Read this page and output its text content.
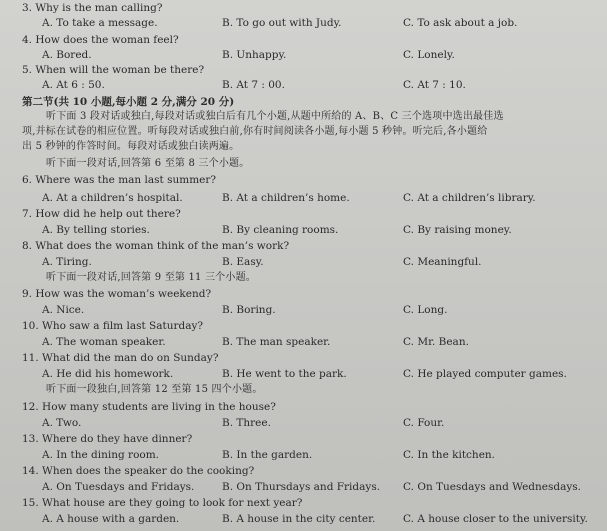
3. Why is the man calling?
A. To take a message.	B. To go out with Judy.	C. To ask about a job.
4. How does the woman feel?
A. Bored.	B. Unhappy.	C. Lonely.
5. When will the woman be there?
A. At 6 : 50.	B. At 7 : 00.	C. At 7 : 10.
第二节(共 10 小题,每小题 2 分,满分 20 分)
听下面 3 段对话或独白,每段对话或独白后有几个小题,从题中所给的 A、B、C 三个选项中选出最佳选
项,并标在试卷的相应位置。听每段对话或独白前,你有时间阅读各小题,每小题 5 秒钟。听完后,各小题给
出 5 秒钟的作答时间。每段对话或独白读两遍。
听下面一段对话,回答第 6 至第 8 三个小题。
6. Where was the man last summer?
A. At a children’s hospital.	B. At a children’s home.	C. At a children’s library.
7. How did he help out there?
A. By telling stories.	B. By cleaning rooms.	C. By raising money.
8. What does the woman think of the man’s work?
A. Tiring.	B. Easy.	C. Meaningful.
听下面一段对话,回答第 9 至第 11 三个小题。
9. How was the woman’s weekend?
A. Nice.	B. Boring.	C. Long.
10. Who saw a film last Saturday?
A. The woman speaker.	B. The man speaker.	C. Mr. Bean.
11. What did the man do on Sunday?
A. He did his homework.	B. He went to the park.	C. He played computer games.
听下面一段独白,回答第 12 至第 15 四个小题。
12. How many students are living in the house?
A. Two.	B. Three.	C. Four.
13. Where do they have dinner?
A. In the dining room.	B. In the garden.	C. In the kitchen.
14. When does the speaker do the cooking?
A. On Tuesdays and Fridays.	B. On Thursdays and Fridays. C. On Tuesdays and Wednesdays.
15. What house are they going to look for next year?
A. A house with a garden.	B. A house in the city center.	C. A house closer to the university.
